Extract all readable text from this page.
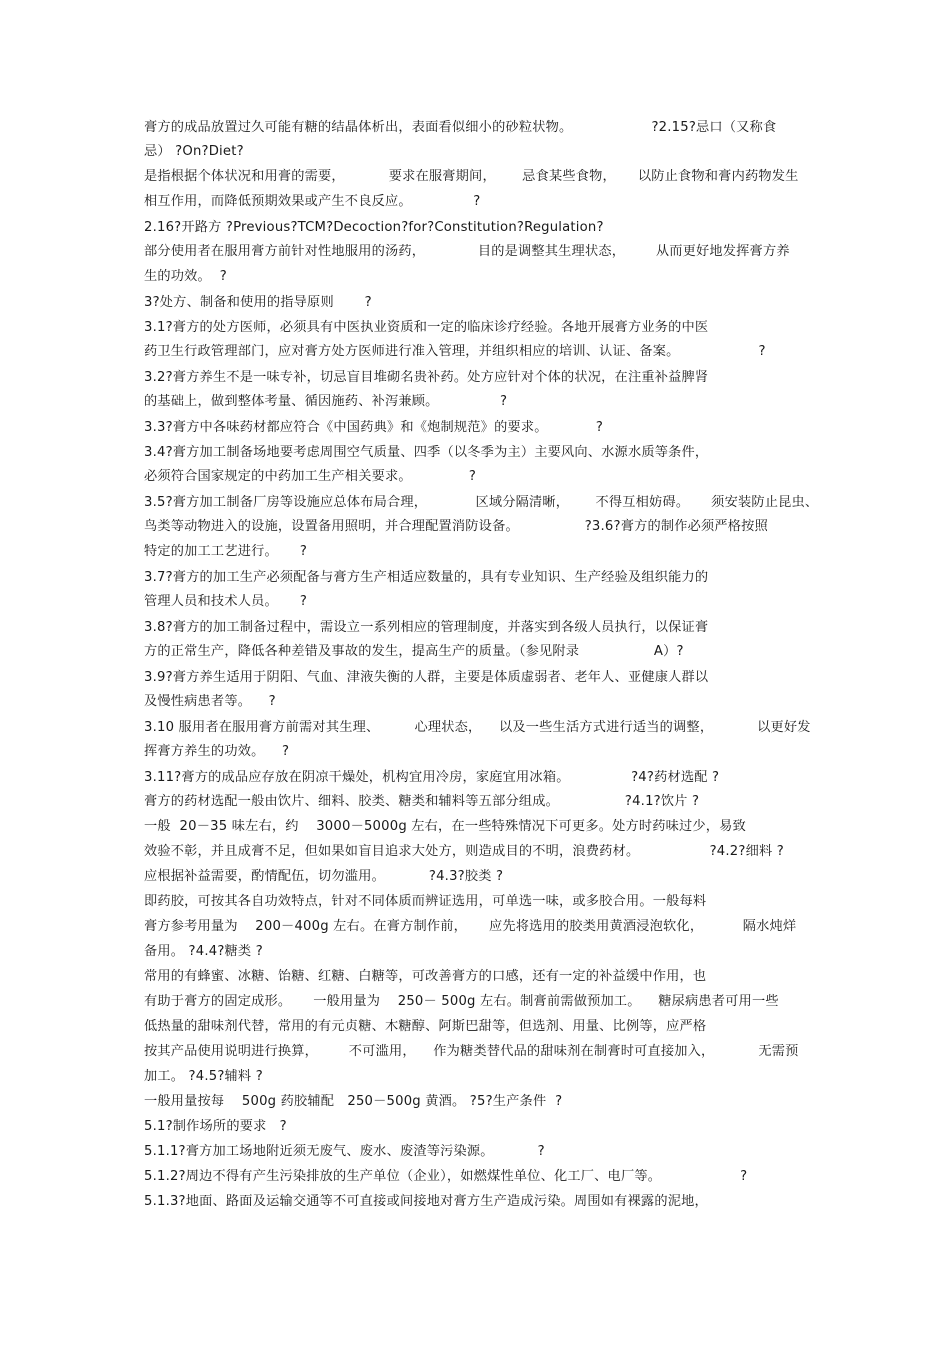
膏方的成品放置过久可能有糖的结晶体析出，表面看似细小的砂粒状物。                  ?2.15?忌口（又称食

忌） ?On?Diet?

是指根据个体状况和用膏的需要，          要求在服膏期间，      忌食某些食物，     以防止食物和膏内药物发生

相互作用，而降低预期效果或产生不良反应。              ?

2.16?开路方 ?Previous?TCM?Decoction?for?Constitution?Regulation?

部分使用者在服用膏方前针对性地服用的汤药，            目的是调整其生理状态，       从而更好地发挥膏方养

生的功效。  ?

3?处方、制备和使用的指导原则       ?

3.1?膏方的处方医师，必须具有中医执业资质和一定的临床诊疗经验。各地开展膏方业务的中医

药卫生行政管理部门，应对膏方处方医师进行准入管理，并组织相应的培训、认证、备案。                  ?

3.2?膏方养生不是一味专补，切忌盲目堆砌名贵补药。处方应针对个体的状况，在注重补益脾肾

的基础上，做到整体考量、循因施药、补泻兼顾。              ?

3.3?膏方中各味药材都应符合《中国药典》和《炮制规范》的要求。           ?

3.4?膏方加工制备场地要考虑周围空气质量、四季（以冬季为主）主要风向、水源水质等条件，

必须符合国家规定的中药加工生产相关要求。             ?

3.5?膏方加工制备厂房等设施应总体布局合理，           区域分隔清晰，      不得互相妨碍。     须安装防止昆虫、

鸟类等动物进入的设施，设置备用照明，并合理配置消防设备。               ?3.6?膏方的制作必须严格按照

特定的加工工艺进行。     ?

3.7?膏方的加工生产必须配备与膏方生产相适应数量的，具有专业知识、生产经验及组织能力的

管理人员和技术人员。     ?

3.8?膏方的加工制备过程中，需设立一系列相应的管理制度，并落实到各级人员执行，以保证膏

方的正常生产，降低各种差错及事故的发生，提高生产的质量。（参见附录                 A）?

3.9?膏方养生适用于阴阳、气血、津液失衡的人群，主要是体质虚弱者、老年人、亚健康人群以

及慢性病患者等。    ?

3.10 服用者在服用膏方前需对其生理、        心理状态，    以及一些生活方式进行适当的调整，          以更好发

挥膏方养生的功效。    ?

3.11?膏方的成品应存放在阴凉干燥处，机构宜用冷房，家庭宜用冰箱。              ?4?药材选配 ?

膏方的药材选配一般由饮片、细料、胶类、糖类和辅料等五部分组成。               ?4.1?饮片 ?

一般  20－35 味左右，约    3000－5000g 左右，在一些特殊情况下可更多。处方时药味过少，易致

效验不彰，并且成膏不足，但如果如盲目追求大处方，则造成目的不明，浪费药材。                ?4.2?细料 ?

应根据补益需要，酌情配伍，切勿滥用。          ?4.3?胶类 ?

即药胶，可按其各自功效特点，针对不同体质而辨证选用，可单选一味，或多胶合用。一般每料

膏方参考用量为    200－400g 左右。在膏方制作前，     应先将选用的胶类用黄酒浸泡软化，         隔水炖烊

备用。 ?4.4?糖类 ?

常用的有蜂蜜、冰糖、饴糖、红糖、白糖等，可改善膏方的口感，还有一定的补益缓中作用，也

有助于膏方的固定成形。     一般用量为    250－ 500g 左右。制膏前需做预加工。    糖尿病患者可用一些

低热量的甜味剂代替，常用的有元贞糖、木糖醇、阿斯巴甜等，但选剂、用量、比例等，应严格

按其产品使用说明进行换算，       不可滥用，    作为糖类替代品的甜味剂在制膏时可直接加入，          无需预

加工。 ?4.5?辅料 ?

一般用量按每    500g 药胶辅配   250－500g 黄酒。 ?5?生产条件  ?

5.1?制作场所的要求   ?

5.1.1?膏方加工场地附近须无废气、废水、废渣等污染源。          ?

5.1.2?周边不得有产生污染排放的生产单位（企业），如燃煤性单位、化工厂、电厂等。                  ?

5.1.3?地面、路面及运输交通等不可直接或间接地对膏方生产造成污染。周围如有裸露的泥地，
